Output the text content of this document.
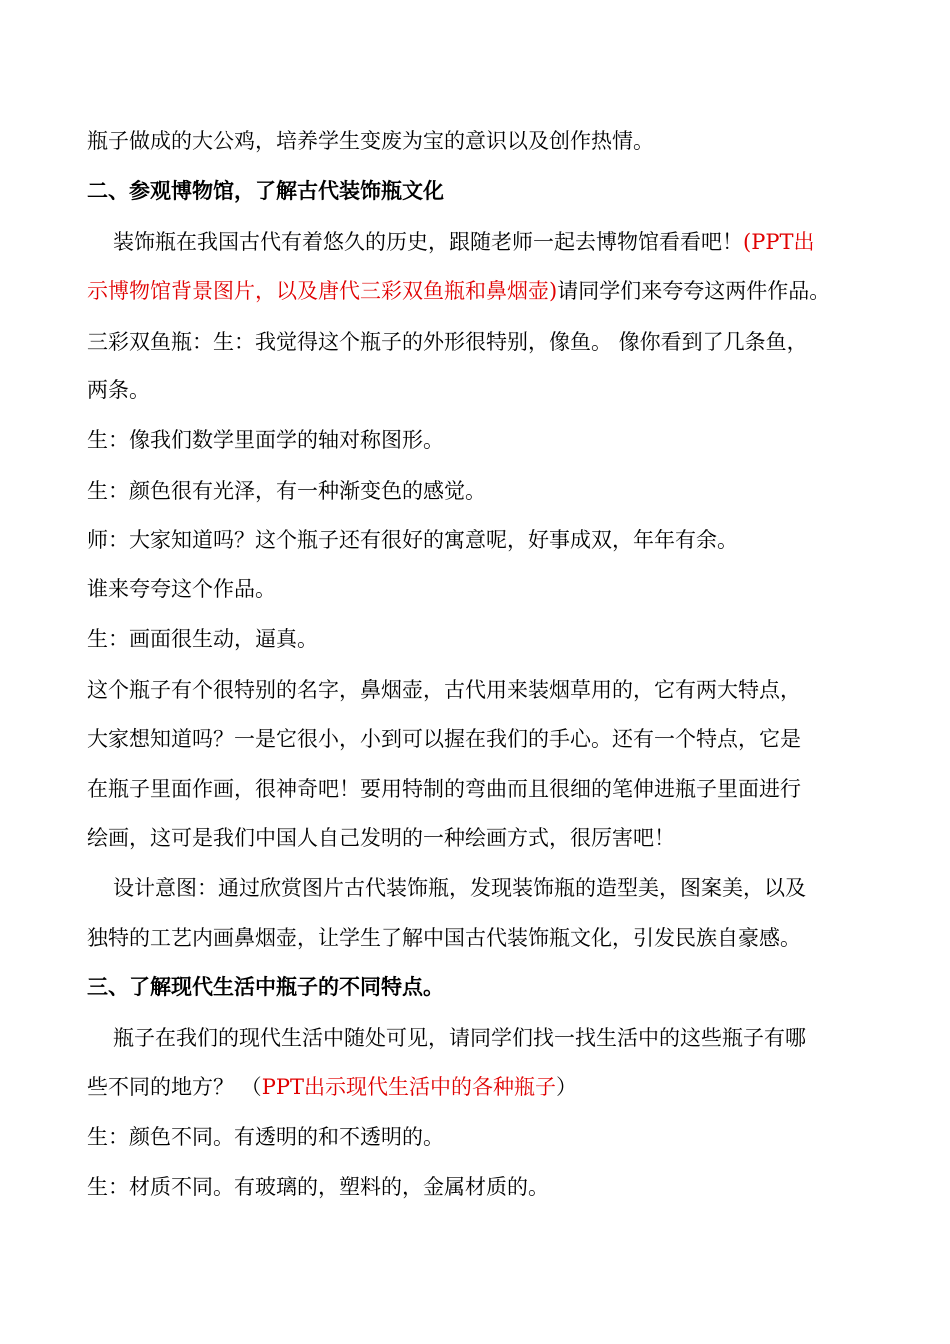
瓶子做成的大公鸡，培养学生变废为宝的意识以及创作热情。
二、参观博物馆，了解古代装饰瓶文化
装饰瓶在我国古代有着悠久的历史，跟随老师一起去博物馆看看吧！(PPT出
示博物馆背景图片，以及唐代三彩双鱼瓶和鼻烟壶)请同学们来夸夸这两件作品。
三彩双鱼瓶：生：我觉得这个瓶子的外形很特别，像鱼。 像你看到了几条鱼，
两条。
生：像我们数学里面学的轴对称图形。
生：颜色很有光泽，有一种渐变色的感觉。
师：大家知道吗？这个瓶子还有很好的寓意呢，好事成双，年年有余。
谁来夸夸这个作品。
生：画面很生动，逼真。
这个瓶子有个很特别的名字，鼻烟壶，古代用来装烟草用的，它有两大特点，
大家想知道吗？一是它很小，小到可以握在我们的手心。还有一个特点，它是
在瓶子里面作画，很神奇吧！要用特制的弯曲而且很细的笔伸进瓶子里面进行
绘画，这可是我们中国人自己发明的一种绘画方式，很厉害吧！
设计意图：通过欣赏图片古代装饰瓶，发现装饰瓶的造型美，图案美，以及
独特的工艺内画鼻烟壶，让学生了解中国古代装饰瓶文化，引发民族自豪感。
三、了解现代生活中瓶子的不同特点。
瓶子在我们的现代生活中随处可见，请同学们找一找生活中的这些瓶子有哪
些不同的地方？ （PPT出示现代生活中的各种瓶子）
生：颜色不同。有透明的和不透明的。
生：材质不同。有玻璃的，塑料的，金属材质的。
